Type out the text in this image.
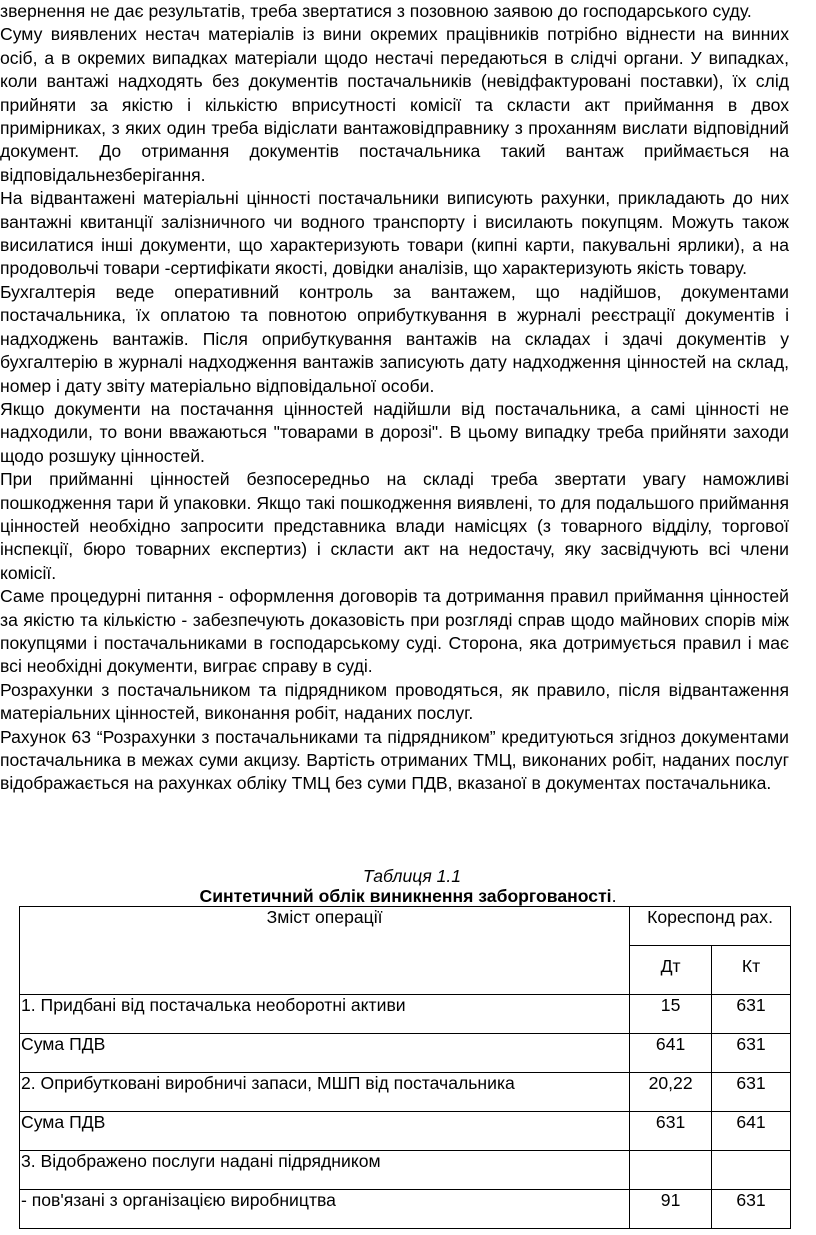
звернення не дає результатів, треба звертатися з позовною заявою до господарського суду.

Суму виявлених нестач матеріалів із вини окремих працівників потрібно віднести на винних осіб, а в окремих випадках матеріали щодо нестачі передаються в слідчі органи. У випадках, коли вантажі надходять без документів постачальників (невідфактуровані поставки), їх слід прийняти за якістю і кількістю вприсутності комісії та скласти акт приймання в двох примірниках, з яких один треба відіслати вантажовідправнику з проханням вислати відповідний документ. До отримання документів постачальника такий вантаж приймається на відповідальнезберігання.

На відвантажені матеріальні цінності постачальники виписують рахунки, прикладають до них вантажні квитанції залізничного чи водного транспорту і висилають покупцям. Можуть також висилатися інші документи, що характеризують товари (кипні карти, пакувальні ярлики), а на продовольчі товари -сертифікати якості, довідки аналізів, що характеризують якість товару.

Бухгалтерія веде оперативний контроль за вантажем, що надійшов, документами постачальника, їх оплатою та повнотою оприбуткування в журналі реєстрації документів і надходжень вантажів. Після оприбуткування вантажів на складах і здачі документів у бухгалтерію в журналі надходження вантажів записують дату надходження цінностей на склад, номер і дату звіту матеріально відповідальної особи.

Якщо документи на постачання цінностей надійшли від постачальника, а самі цінності не надходили, то вони вважаються "товарами в дорозі". В цьому випадку треба прийняти заходи щодо розшуку цінностей.

При прийманні цінностей безпосередньо на складі треба звертати увагу наможливі пошкодження тари й упаковки. Якщо такі пошкодження виявлені, то для подальшого приймання цінностей необхідно запросити представника влади намісцях (з товарного відділу, торгової інспекції, бюро товарних експертиз) і скласти акт на недостачу, яку засвідчують всі члени комісії.

Саме процедурні питання - оформлення договорів та дотримання правил приймання цінностей за якістю та кількістю - забезпечують доказовість при розгляді справ щодо майнових спорів між покупцями і постачальниками в господарському суді. Сторона, яка дотримується правил і має всі необхідні документи, виграє справу в суді.

Розрахунки з постачальником та підрядником проводяться, як правило, після відвантаження матеріальних цінностей, виконання робіт, наданих послуг.

Рахунок 63 “Розрахунки з постачальниками та підрядником” кредитуються згідноз документами постачальника в межах суми акцизу. Вартість отриманих ТМЦ, виконаних робіт, наданих послуг відображається на рахунках обліку ТМЦ без суми ПДВ, вказаної в документах постачальника.

Таблиця 1.1
Синтетичний облік виникнення заборгованості.
Зміст операції	Кореспонд рах.	
	Дт	Кт
1. Придбані від постачалька необоротні активи	15	631
Сума ПДВ	641	631
2. Оприбутковані виробничі запаси, МШП від постачальника	20,22	631
Сума ПДВ	631	641
3. Відображено послуги надані підрядником		
- пов'язані з організацією виробництва	91	631
